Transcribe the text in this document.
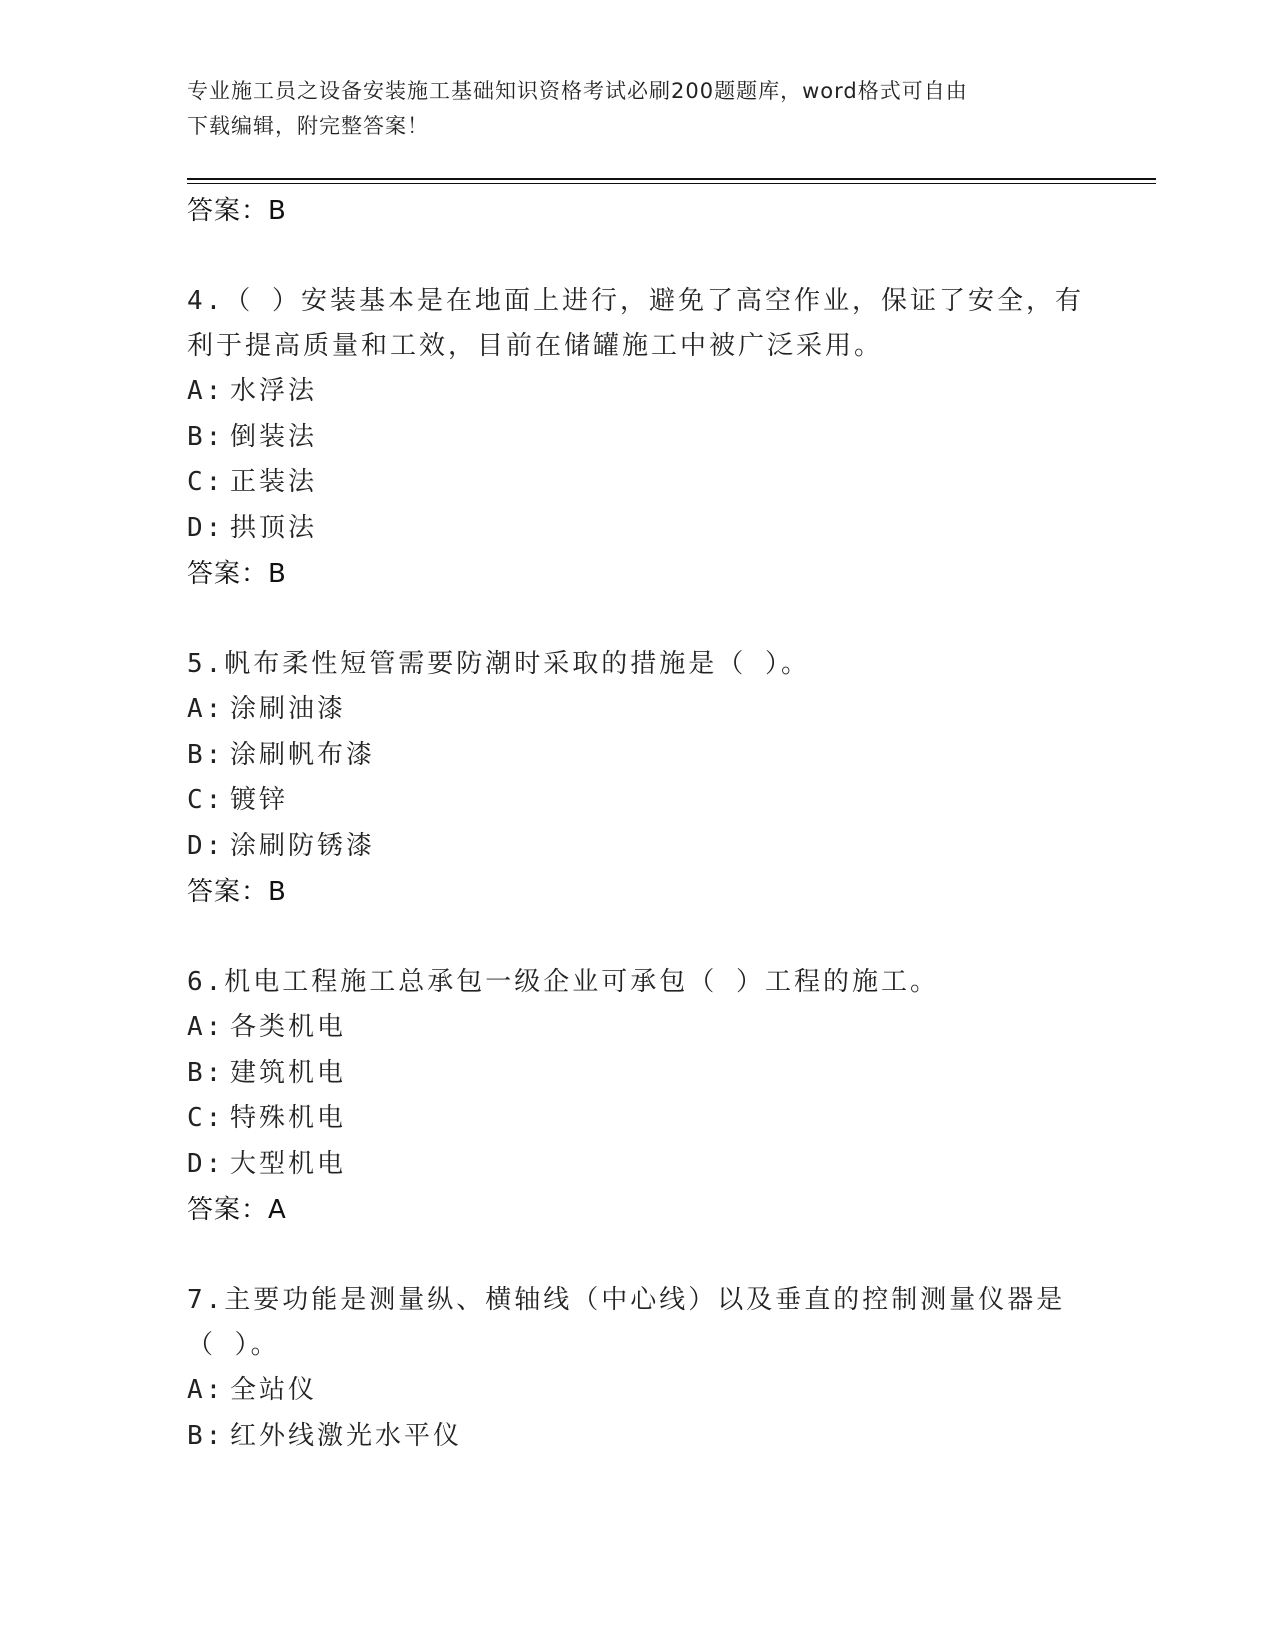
专业施工员之设备安装施工基础知识资格考试必刷200题题库，word格式可自由
下载编辑，附完整答案！
答案：B
4.（ ）安装基本是在地面上进行，避免了高空作业，保证了安全，有
利于提高质量和工效，目前在储罐施工中被广泛采用。
A: 水浮法
B: 倒装法
C: 正装法
D: 拱顶法
答案：B
5.帆布柔性短管需要防潮时采取的措施是（ ）。
A: 涂刷油漆
B: 涂刷帆布漆
C: 镀锌
D: 涂刷防锈漆
答案：B
6.机电工程施工总承包一级企业可承包（ ）工程的施工。
A: 各类机电
B: 建筑机电
C: 特殊机电
D: 大型机电
答案：A
7.主要功能是测量纵、横轴线（中心线）以及垂直的控制测量仪器是
（ ）。
A: 全站仪
B: 红外线激光水平仪
